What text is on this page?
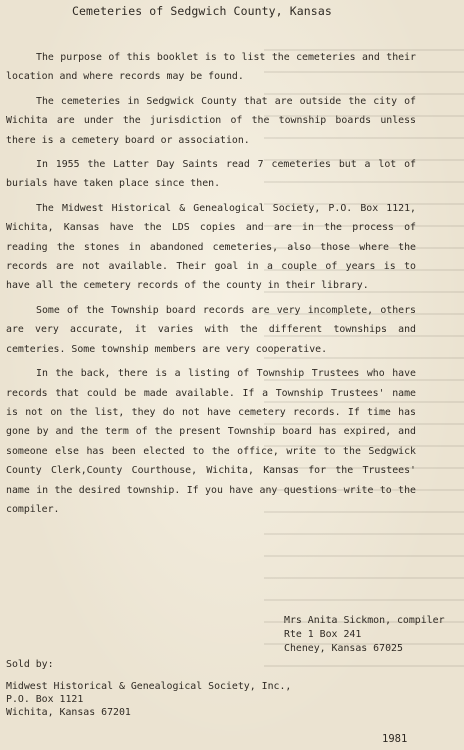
Cemeteries of Sedgwich County, Kansas

The purpose of this booklet is to list the cemeteries and their location and where records may be found.

The cemeteries in Sedgwick County that are outside the city of Wichita are under the jurisdiction of the township boards unless there is a cemetery board or association.

In 1955 the Latter Day Saints read 7 cemeteries but a lot of burials have taken place since then.

The Midwest Historical & Genealogical Society, P.O. Box 1121, Wichita, Kansas have the LDS copies and are in the process of reading the stones in abandoned cemeteries, also those where the records are not available. Their goal in a couple of years is to have all the cemetery records of the county in their library.

Some of the Township board records are very incomplete, others are very accurate, it varies with the different townships and cemteries. Some township members are very cooperative.

In the back, there is a listing of Township Trustees who have records that could be made available. If a Township Trustees' name is not on the list, they do not have cemetery records. If time has gone by and the term of the present Township board has expired, and someone else has been elected to the office, write to the Sedgwick County Clerk,County Courthouse, Wichita, Kansas for the Trustees' name in the desired township. If you have any questions write to the compiler.

Mrs Anita Sickmon, compiler
Rte 1 Box 241
Cheney, Kansas 67025
Sold by:
Midwest Historical & Genealogical Society, Inc.,
P.O. Box 1121
Wichita, Kansas 67201
1981
